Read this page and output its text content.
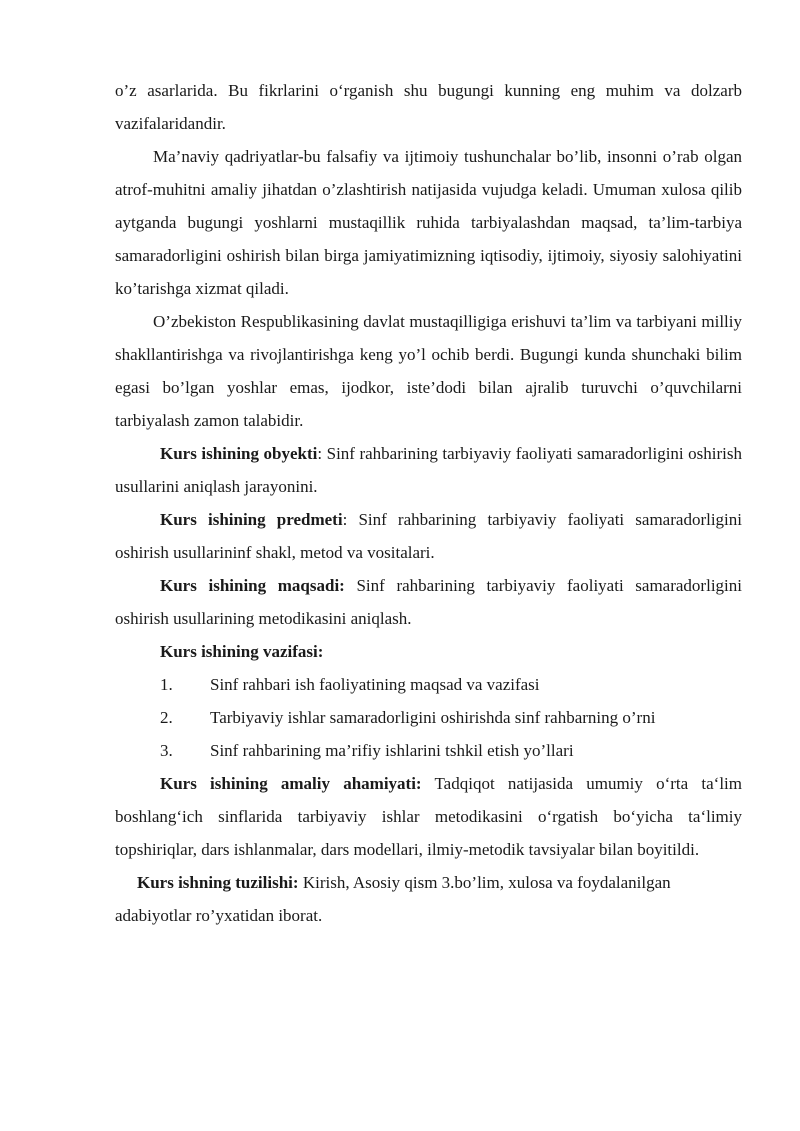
o’z asarlarida. Bu fikrlarini o‘rganish shu bugungi kunning eng muhim va dolzarb vazifalaridandir.

Ma’naviy qadriyatlar-bu falsafiy va ijtimoiy tushunchalar bo’lib, insonni o’rab olgan atrof-muhitni amaliy jihatdan o’zlashtirish natijasida vujudga keladi. Umuman xulosa qilib aytganda bugungi yoshlarni mustaqillik ruhida tarbiyalashdan maqsad, ta’lim-tarbiya samaradorligini oshirish bilan birga jamiyatimizning iqtisodiy, ijtimoiy, siyosiy salohiyatini ko’tarishga xizmat qiladi.

O’zbekiston Respublikasining davlat mustaqilligiga erishuvi ta’lim va tarbiyani milliy shakllantirishga va rivojlantirishga keng yo’l ochib berdi. Bugungi kunda shunchaki bilim egasi bo’lgan yoshlar emas, ijodkor, iste’dodi bilan ajralib turuvchi o’quvchilarni tarbiyalash zamon talabidir.

Kurs ishining obyekti: Sinf rahbarining tarbiyaviy faoliyati samaradorligini oshirish usullarini aniqlash jarayonini.

Kurs ishining predmeti: Sinf rahbarining tarbiyaviy faoliyati samaradorligini oshirish usullarininf shakl, metod va vositalari.

Kurs ishining maqsadi: Sinf rahbarining tarbiyaviy faoliyati samaradorligini oshirish usullarining metodikasini aniqlash.

Kurs ishining vazifasi:

1.	Sinf rahbari ish faoliyatining maqsad va vazifasi
2.	Tarbiyaviy ishlar samaradorligini oshirishda sinf rahbarning o’rni
3.	Sinf rahbarining ma’rifiy ishlarini tshkil etish yo’llari

Kurs ishining amaliy ahamiyati: Tadqiqot natijasida umumiy o‘rta ta‘lim boshlang‘ich sinflarida tarbiyaviy ishlar metodikasini o‘rgatish bo‘yicha ta‘limiy topshiriqlar, dars ishlanmalar, dars modellari, ilmiy-metodik tavsiyalar bilan boyitildi.

Kurs ishning tuzilishi: Kirish, Asosiy qism 3.bo’lim, xulosa va foydalanilgan adabiyotlar ro’yxatidan iborat.
